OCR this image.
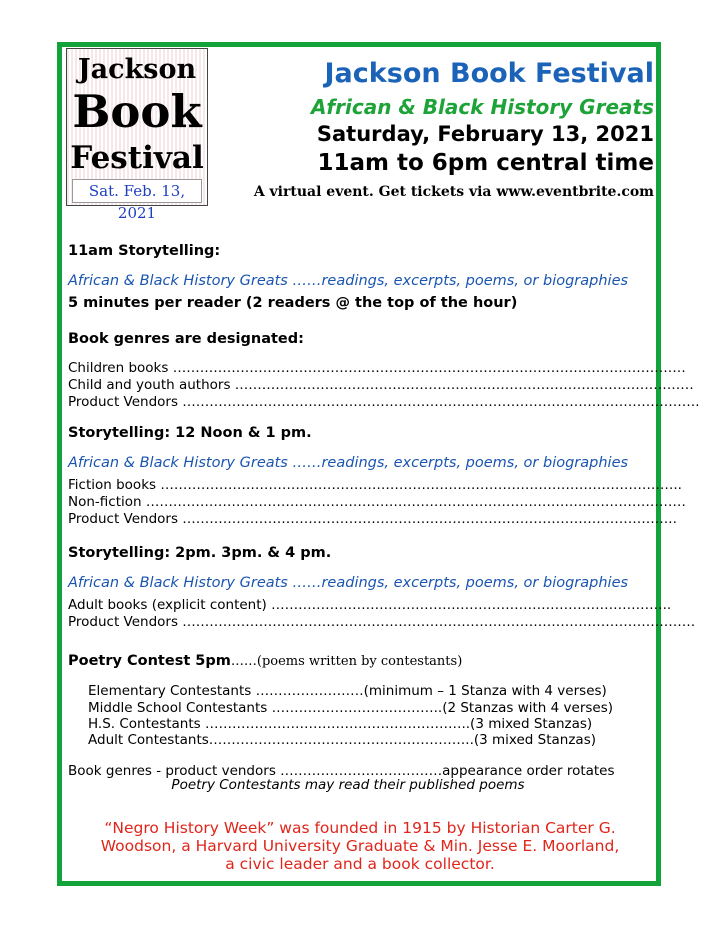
Jackson
Book
Festival
Sat. Feb. 13, 2021
Jackson Book Festival
African & Black History Greats
Saturday, February 13, 2021
11am to 6pm central time
A virtual event. Get tickets via www.eventbrite.com
11am Storytelling:
African & Black History Greats ……readings, excerpts, poems, or biographies
5 minutes per reader (2 readers @ the top of the hour)
Book genres are designated:
Children books ……………………………………………………………………………………………………
Child and youth authors …………………………………………………………………………………………
Product Vendors …………………………………………………………………………………………………….
Storytelling: 12 Noon & 1 pm.
African & Black History Greats ……readings, excerpts, poems, or biographies
Fiction books ……………………………………………………………………………………………………..
Non-fiction …………………………………………………………………………………………………………
Product Vendors ………………………………………………………………………………………………..
Storytelling: 2pm. 3pm. & 4 pm.
African & Black History Greats ……readings, excerpts, poems, or biographies
Adult books (explicit content) ……………………………………………………………………………..
Product Vendors ……………………………………………………………………………………………………
Poetry Contest 5pm……(poems written by contestants)
Elementary Contestants ……………………(minimum – 1 Stanza with 4 verses)
Middle School Contestants ………………………………..(2 Stanzas with 4 verses)
H.S. Contestants …………………………………………………..(3 mixed Stanzas)
Adult Contestants…………………………………………………..(3 mixed Stanzas)
Book genres - product vendors ………………………………appearance order rotates
Poetry Contestants may read their published poems
“Negro History Week” was founded in 1915 by Historian Carter G.
Woodson, a Harvard University Graduate & Min. Jesse E. Moorland,
a civic leader and a book collector.
